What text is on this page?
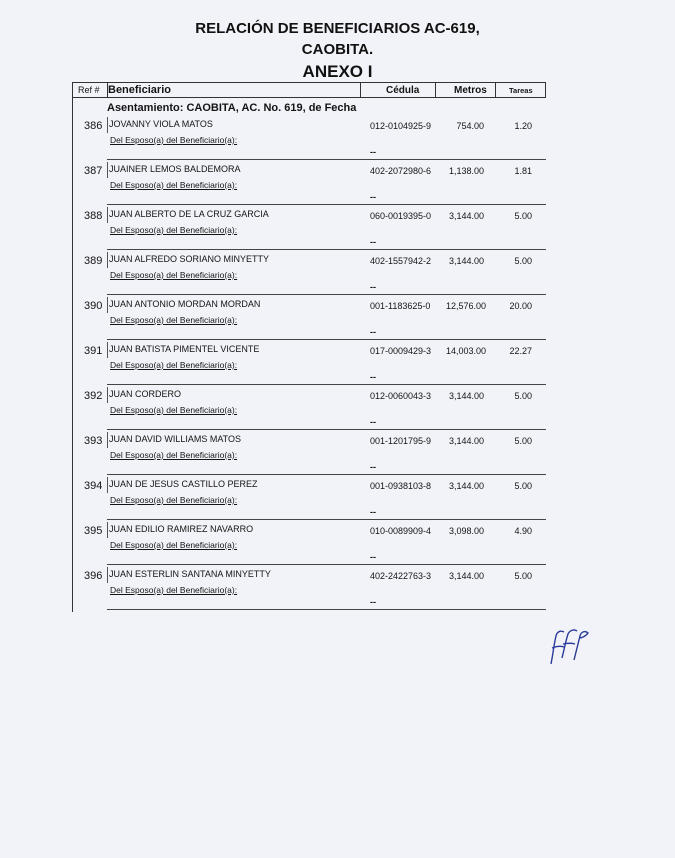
RELACIÓN DE BENEFICIARIOS AC-619,
CAOBITA.
ANEXO I
Ref # Beneficiario	Cédula	Metros	Tareas
Asentamiento: CAOBITA, AC. No. 619, de Fecha
386 JOVANNY VIOLA MATOS
Del Esposo(a) del Beneficiario(a):
012-0104925-9	754.00	1.20
--
387 JUAINER LEMOS BALDEMORA
Del Esposo(a) del Beneficiario(a):
402-2072980-6	1,138.00	1.81
--
388 JUAN ALBERTO DE LA CRUZ GARCIA
Del Esposo(a) del Beneficiario(a):
060-0019395-0	3,144.00	5.00
--
389 JUAN ALFREDO SORIANO MINYETTY
Del Esposo(a) del Beneficiario(a):
402-1557942-2	3,144.00	5.00
--
390 JUAN ANTONIO MORDAN MORDAN
Del Esposo(a) del Beneficiario(a):
001-1183625-0 12,576.00	20.00
--
391 JUAN BATISTA PIMENTEL VICENTE
Del Esposo(a) del Beneficiario(a):
017-0009429-3 14,003.00	22.27
--
392 JUAN CORDERO
Del Esposo(a) del Beneficiario(a):
012-0060043-3	3,144.00	5.00
--
393 JUAN DAVID WILLIAMS MATOS
Del Esposo(a) del Beneficiario(a):
001-1201795-9	3,144.00	5.00
--
394 JUAN DE JESUS CASTILLO PEREZ
Del Esposo(a) del Beneficiario(a):
001-0938103-8	3,144.00	5.00
--
395 JUAN EDILIO RAMIREZ NAVARRO
Del Esposo(a) del Beneficiario(a):
010-0089909-4	3,098.00	4.90
--
396 JUAN ESTERLIN SANTANA MINYETTY
Del Esposo(a) del Beneficiario(a):
402-2422763-3	3,144.00	5.00
--
